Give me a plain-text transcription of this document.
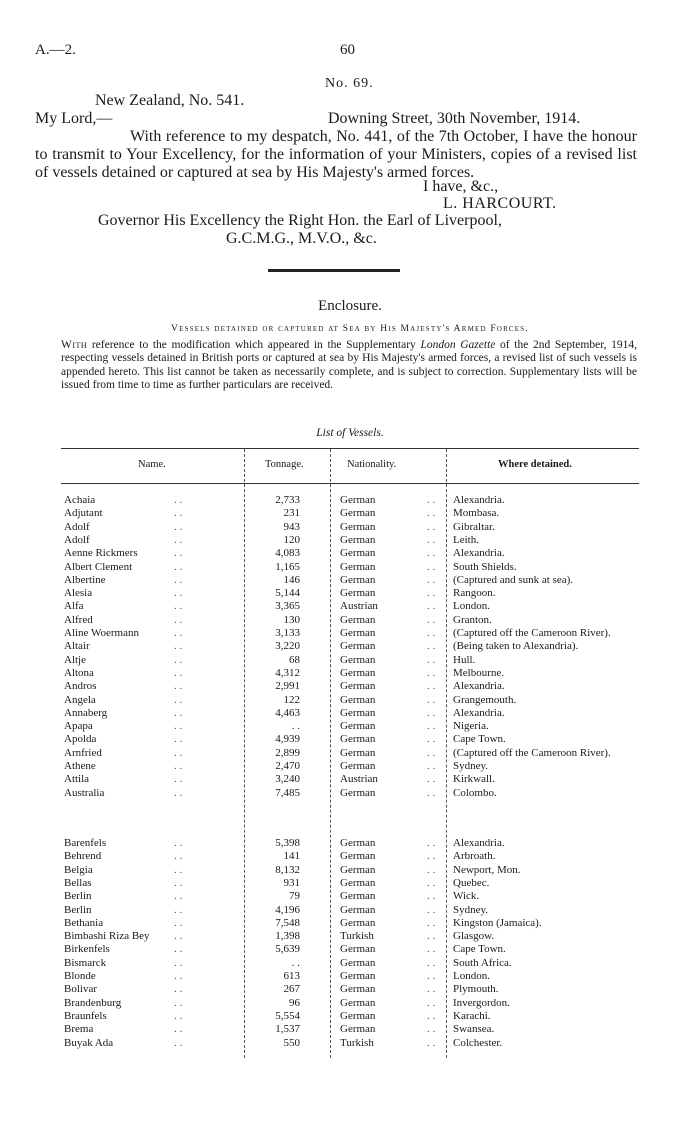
A.—2.	60
No. 69.
New Zealand, No. 541.
My Lord,—	Downing Street, 30th November, 1914.
With reference to my despatch, No. 441, of the 7th October, I have the honour to transmit to Your Excellency, for the information of your Ministers, copies of a revised list of vessels detained or captured at sea by His Majesty's armed forces.
I have, &c.,
L. HARCOURT.
Governor His Excellency the Right Hon. the Earl of Liverpool,
G.C.M.G., M.V.O., &c.
Enclosure.
Vessels detained or captured at Sea by His Majesty's Armed Forces.
With reference to the modification which appeared in the Supplementary London Gazette of the 2nd September, 1914, respecting vessels detained in British ports or captured at sea by His Majesty's armed forces, a revised list of such vessels is appended hereto. This list cannot be taken as necessarily complete, and is subject to correction. Supplementary lists will be issued from time to time as further particulars are received.
List of Vessels.
Name.	Tonnage.	Nationality.	Where detained.
Achaia	. .	2,733	German	. . Alexandria.
Adjutant	. .	231	German	. . Mombasa.
Adolf	. .	943	German	. . Gibraltar.
Adolf	. .	120	German	. . Leith.
Aenne Rickmers	. .	4,083	German	. . Alexandria.
Albert Clement	. .	1,165	German	. . South Shields.
Albertine	. .	146	German	. . (Captured and sunk at sea).
Alesia	. .	5,144	German	. . Rangoon.
Alfa	. .	3,365	Austrian	. . London.
Alfred	. .	130	German	. . Granton.
Aline Woermann	. .	3,133	German	. . (Captured off the Cameroon River).
Altair	. .	3,220	German	. . (Being taken to Alexandria).
Altje	. .	68	German	. . Hull.
Altona	. .	4,312	German	. . Melbourne.
Andros	. .	2,991	German	. . Alexandria.
Angela	. .	122	German	. . Grangemouth.
Annaberg	. .	4,463	German	. . Alexandria.
Apapa	. .	. .	German	. . Nigeria.
Apolda	. .	4,939	German	. . Cape Town.
Arnfried	. .	2,899	German	. . (Captured off the Cameroon River).
Athene	. .	2,470	German	. . Sydney.
Attila	. .	3,240	Austrian	. . Kirkwall.
Australia	. .	7,485	German	. . Colombo.
Barenfels	. .	5,398	German	. . Alexandria.
Behrend	. .	141	German	. . Arbroath.
Belgia	. .	8,132	German	. . Newport, Mon.
Bellas	. .	931	German	. . Quebec.
Berlin	. .	79	German	. . Wick.
Berlin	. .	4,196	German	. . Sydney.
Bethania	. .	7,548	German	. . Kingston (Jamaica).
Bimbashi Riza Bey . .	1,398	Turkish	. . Glasgow.
Birkenfels	. .	5,639	German	. . Cape Town.
Bismarck	. .	. .	German	. . South Africa.
Blonde	. .	613	German	. . London.
Bolivar	. .	267	German	. . Plymouth.
Brandenburg	. .	96	German	. . Invergordon.
Braunfels	. .	5,554	German	. . Karachi.
Brema	. .	1,537	German	. . Swansea.
Buyak Ada	. .	550	Turkish	. . Colchester.
